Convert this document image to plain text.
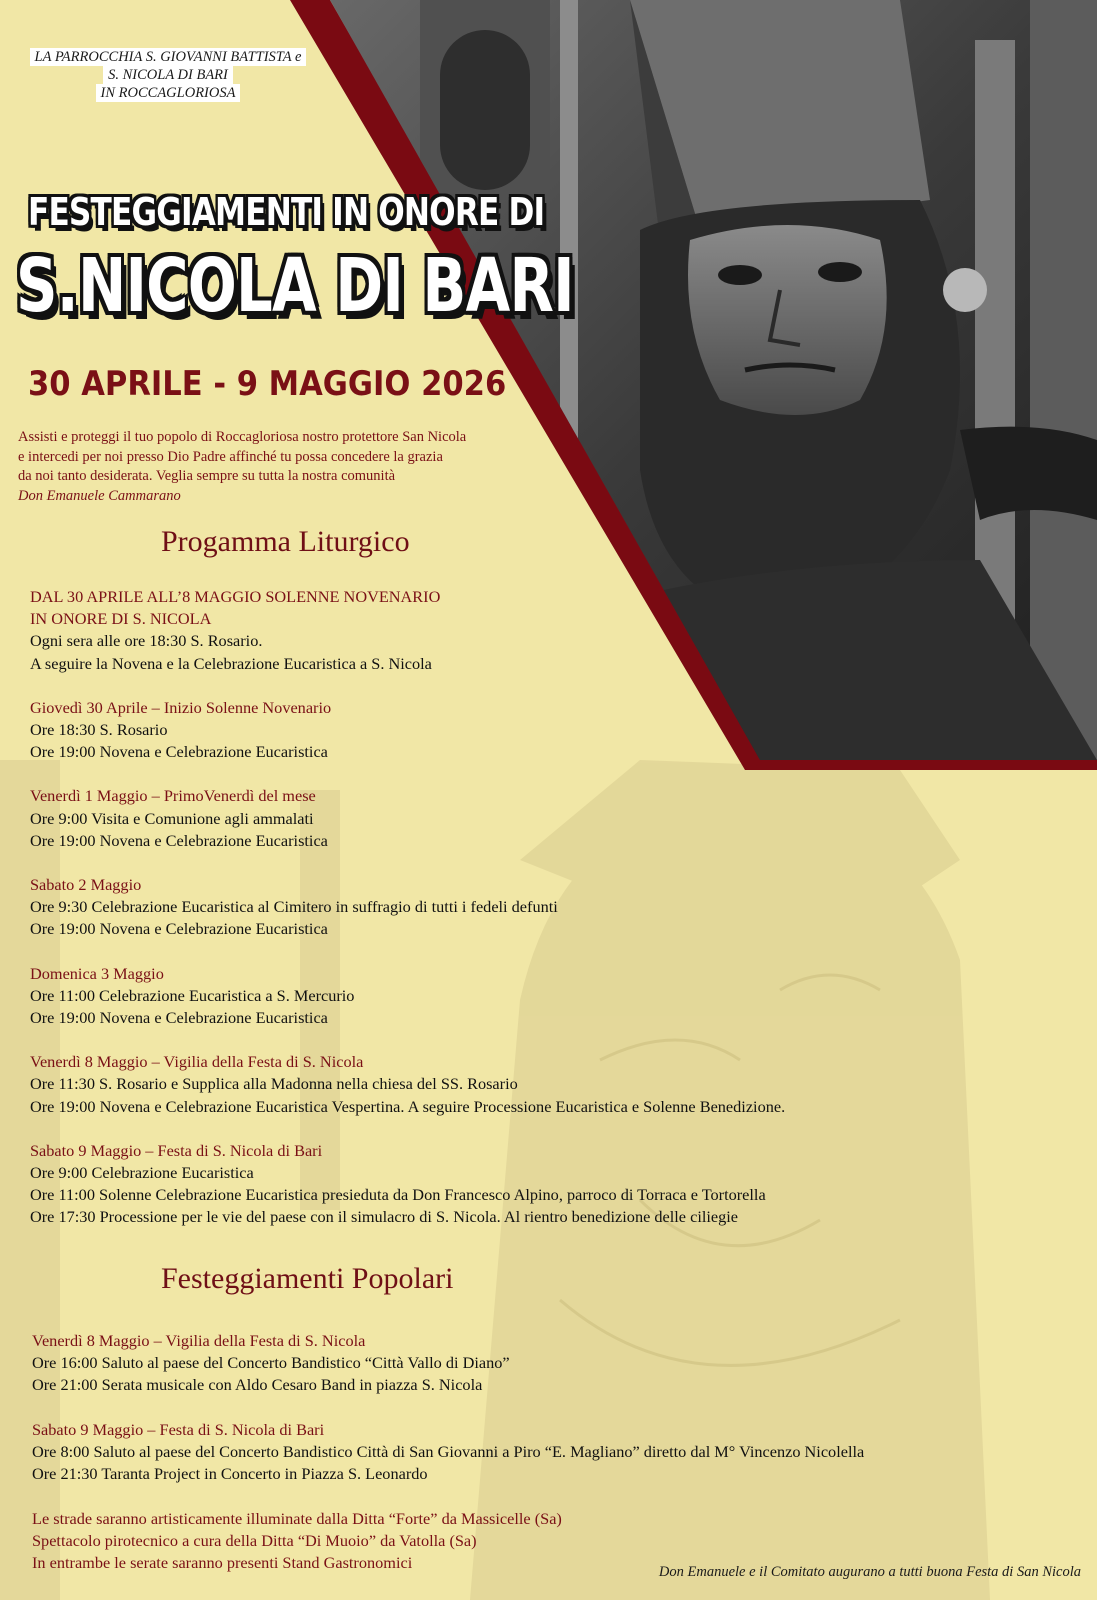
LA PARROCCHIA S. GIOVANNI BATTISTA e
S. NICOLA DI BARI
IN ROCCAGLORIOSA
FESTEGGIAMENTI IN ONORE DI
S.NICOLA DI BARI
30 APRILE - 9 MAGGIO 2026
Assisti e proteggi il tuo popolo di Roccagloriosa nostro protettore San Nicola
e intercedi per noi presso Dio Padre affinché tu possa concedere la grazia
da noi tanto desiderata. Veglia sempre su tutta la nostra comunità
Don Emanuele Cammarano
Progamma Liturgico
DAL 30 APRILE ALL’8 MAGGIO SOLENNE NOVENARIO
IN ONORE DI S. NICOLA
Ogni sera alle ore 18:30 S. Rosario.
A seguire la Novena e la Celebrazione Eucaristica a S. Nicola
Giovedì 30 Aprile – Inizio Solenne Novenario
Ore 18:30 S. Rosario
Ore 19:00 Novena e Celebrazione Eucaristica
Venerdì 1 Maggio – PrimoVenerdì del mese
Ore 9:00 Visita e Comunione agli ammalati
Ore 19:00 Novena e Celebrazione Eucaristica
Sabato 2 Maggio
Ore 9:30 Celebrazione Eucaristica al Cimitero in suffragio di tutti i fedeli defunti
Ore 19:00 Novena e Celebrazione Eucaristica
Domenica 3 Maggio
Ore 11:00 Celebrazione Eucaristica a S. Mercurio
Ore 19:00 Novena e Celebrazione Eucaristica
Venerdì 8 Maggio – Vigilia della Festa di S. Nicola
Ore 11:30 S. Rosario e Supplica alla Madonna nella chiesa del SS. Rosario
Ore 19:00 Novena e Celebrazione Eucaristica Vespertina. A seguire Processione Eucaristica e Solenne Benedizione.
Sabato 9 Maggio – Festa di S. Nicola di Bari
Ore 9:00 Celebrazione Eucaristica
Ore 11:00 Solenne Celebrazione Eucaristica presieduta da Don Francesco Alpino, parroco di Torraca e Tortorella
Ore 17:30 Processione per le vie del paese con il simulacro di S. Nicola. Al rientro benedizione delle ciliegie
Festeggiamenti Popolari
Venerdì 8 Maggio – Vigilia della Festa di S. Nicola
Ore 16:00 Saluto al paese del Concerto Bandistico “Città Vallo di Diano”
Ore 21:00 Serata musicale con Aldo Cesaro Band in piazza S. Nicola
Sabato 9 Maggio – Festa di S. Nicola di Bari
Ore 8:00 Saluto al paese del Concerto Bandistico Città di San Giovanni a Piro “E. Magliano” diretto dal M° Vincenzo Nicolella
Ore 21:30 Taranta Project in Concerto in Piazza S. Leonardo
Le strade saranno artisticamente illuminate dalla Ditta “Forte” da Massicelle (Sa)
Spettacolo pirotecnico a cura della Ditta “Di Muoio” da Vatolla (Sa)
In entrambe le serate saranno presenti Stand Gastronomici	Don Emanuele e il Comitato augurano a tutti buona Festa di San Nicola
